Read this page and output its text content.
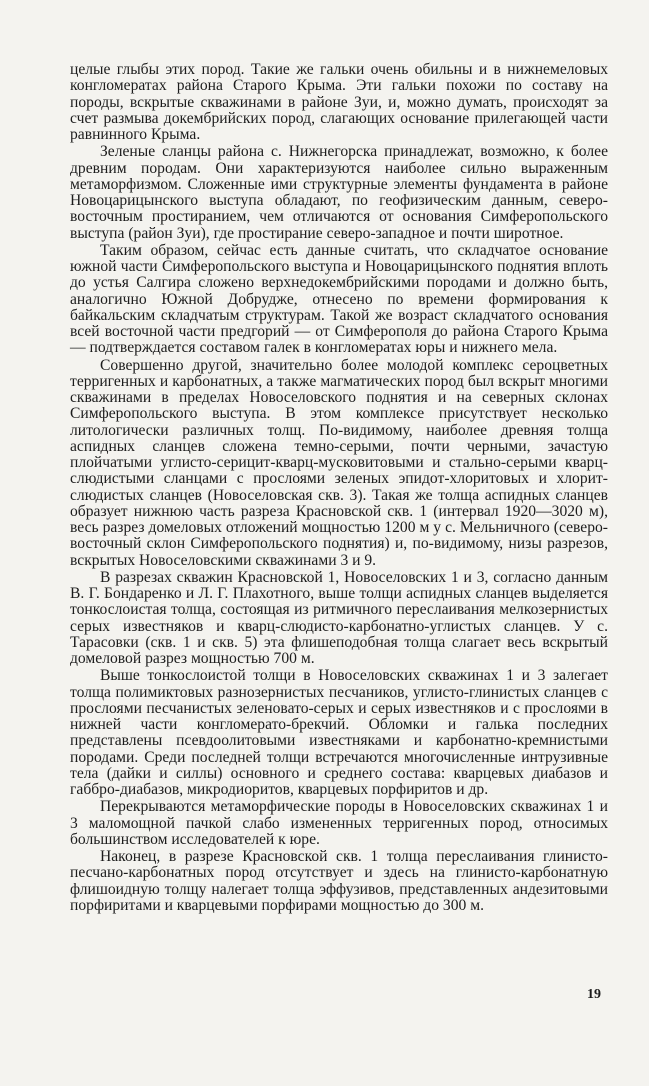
целые глыбы этих пород. Такие же гальки очень обильны и в нижнемеловых конгломератах района Старого Крыма. Эти гальки похожи по составу на породы, вскрытые скважинами в районе Зуи, и, можно думать, происходят за счет размыва докембрийских пород, слагающих основание прилегающей части равнинного Крыма.

Зеленые сланцы района с. Нижнегорска принадлежат, возможно, к более древним породам. Они характеризуются наиболее сильно выраженным метаморфизмом. Сложенные ими структурные элементы фундамента в районе Новоцарицынского выступа обладают, по геофизическим данным, северо-восточным простиранием, чем отличаются от основания Симферопольского выступа (район Зуи), где простирание северо-западное и почти широтное.

Таким образом, сейчас есть данные считать, что складчатое основание южной части Симферопольского выступа и Новоцарицынского поднятия вплоть до устья Салгира сложено верхнедокембрийскими породами и должно быть, аналогично Южной Добрудже, отнесено по времени формирования к байкальским складчатым структурам. Такой же возраст складчатого основания всей восточной части предгорий — от Симферополя до района Старого Крыма — подтверждается составом галек в конгломератах юры и нижнего мела.

Совершенно другой, значительно более молодой комплекс сероцветных терригенных и карбонатных, а также магматических пород был вскрыт многими скважинами в пределах Новоселовского поднятия и на северных склонах Симферопольского выступа. В этом комплексе присутствует несколько литологически различных толщ. По-видимому, наиболее древняя толща аспидных сланцев сложена темно-серыми, почти черными, зачастую плойчатыми углисто-серицит-кварц-мусковитовыми и стально-серыми кварц-слюдистыми сланцами с прослоями зеленых эпидот-хлоритовых и хлорит-слюдистых сланцев (Новоселовская скв. 3). Такая же толща аспидных сланцев образует нижнюю часть разреза Красновской скв. 1 (интервал 1920—3020 м), весь разрез домеловых отложений мощностью 1200 м у с. Мельничного (северо-восточный склон Симферопольского поднятия) и, по-видимому, низы разрезов, вскрытых Новоселовскими скважинами 3 и 9.

В разрезах скважин Красновской 1, Новоселовских 1 и 3, согласно данным В. Г. Бондаренко и Л. Г. Плахотного, выше толщи аспидных сланцев выделяется тонкослоистая толща, состоящая из ритмичного переслаивания мелкозернистых серых известняков и кварц-слюдисто-карбонатно-углистых сланцев. У с. Тарасовки (скв. 1 и скв. 5) эта флишеподобная толща слагает весь вскрытый домеловой разрез мощностью 700 м.

Выше тонкослоистой толщи в Новоселовских скважинах 1 и 3 залегает толща полимиктовых разнозернистых песчаников, углисто-глинистых сланцев с прослоями песчанистых зеленовато-серых и серых известняков и с прослоями в нижней части конгломерато-брекчий. Обломки и галька последних представлены псевдоолитовыми известняками и карбонатно-кремнистыми породами. Среди последней толщи встречаются многочисленные интрузивные тела (дайки и силлы) основного и среднего состава: кварцевых диабазов и габбро-диабазов, микродиоритов, кварцевых порфиритов и др.

Перекрываются метаморфические породы в Новоселовских скважинах 1 и 3 маломощной пачкой слабо измененных терригенных пород, относимых большинством исследователей к юре.

Наконец, в разрезе Красновской скв. 1 толща переслаивания глинисто-песчано-карбонатных пород отсутствует и здесь на глинисто-карбонатную флишоидную толщу налегает толща эффузивов, представленных андезитовыми порфиритами и кварцевыми порфирами мощностью до 300 м.

19
